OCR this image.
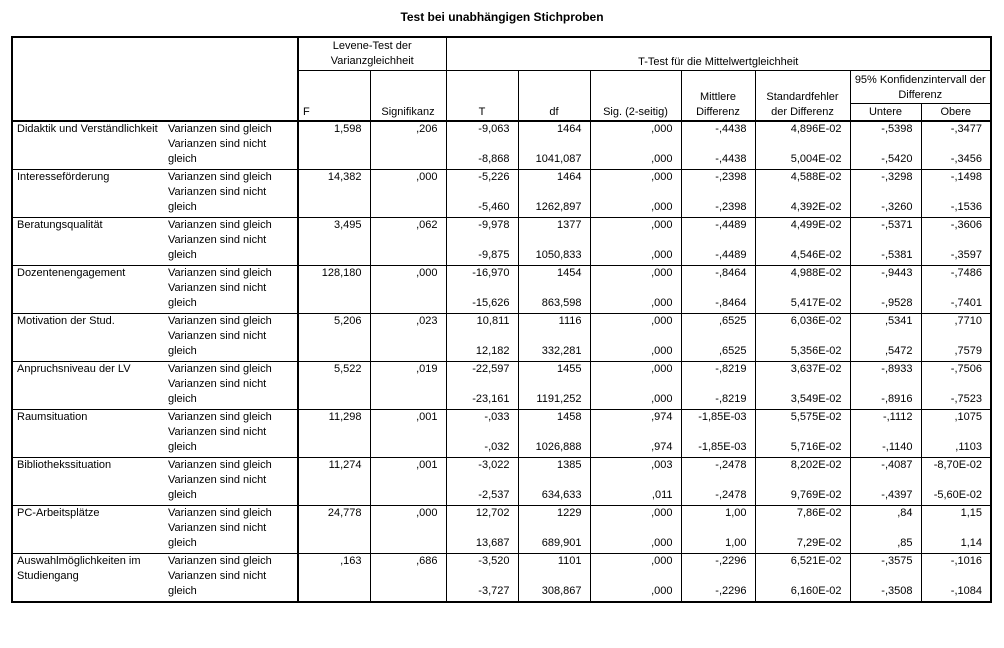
Test bei unabhängigen Stichproben
		Levene-Test der Varianzgleichheit		T-Test für die Mittelwertgleichheit						
		F	Signifikanz	T	df	Sig. (2-seitig)	Mittlere Differenz	Standardfehler der Differenz	95% Konfidenzintervall der Differenz	
									Untere	Obere
Didaktik und Verständlichkeit	Varianzen sind gleich	1,598	,206	-9,063	1464	,000	-,4438	4,896E-02	-,5398	-,3477
	Varianzen sind nicht gleich			-8,868	1041,087	,000	-,4438	5,004E-02	-,5420	-,3456
Interesseförderung	Varianzen sind gleich	14,382	,000	-5,226	1464	,000	-,2398	4,588E-02	-,3298	-,1498
	Varianzen sind nicht gleich			-5,460	1262,897	,000	-,2398	4,392E-02	-,3260	-,1536
Beratungsqualität	Varianzen sind gleich	3,495	,062	-9,978	1377	,000	-,4489	4,499E-02	-,5371	-,3606
	Varianzen sind nicht gleich			-9,875	1050,833	,000	-,4489	4,546E-02	-,5381	-,3597
Dozentenengagement	Varianzen sind gleich	128,180	,000	-16,970	1454	,000	-,8464	4,988E-02	-,9443	-,7486
	Varianzen sind nicht gleich			-15,626	863,598	,000	-,8464	5,417E-02	-,9528	-,7401
Motivation der Stud.	Varianzen sind gleich	5,206	,023	10,811	1116	,000	,6525	6,036E-02	,5341	,7710
	Varianzen sind nicht gleich			12,182	332,281	,000	,6525	5,356E-02	,5472	,7579
Anpruchsniveau der LV	Varianzen sind gleich	5,522	,019	-22,597	1455	,000	-,8219	3,637E-02	-,8933	-,7506
	Varianzen sind nicht gleich			-23,161	1191,252	,000	-,8219	3,549E-02	-,8916	-,7523
Raumsituation	Varianzen sind gleich	11,298	,001	-,033	1458	,974	-1,85E-03	5,575E-02	-,1112	,1075
	Varianzen sind nicht gleich			-,032	1026,888	,974	-1,85E-03	5,716E-02	-,1140	,1103
Bibliothekssituation	Varianzen sind gleich	11,274	,001	-3,022	1385	,003	-,2478	8,202E-02	-,4087	-8,70E-02
	Varianzen sind nicht gleich			-2,537	634,633	,011	-,2478	9,769E-02	-,4397	-5,60E-02
PC-Arbeitsplätze	Varianzen sind gleich	24,778	,000	12,702	1229	,000	1,00	7,86E-02	,84	1,15
	Varianzen sind nicht gleich			13,687	689,901	,000	1,00	7,29E-02	,85	1,14
Auswahlmöglichkeiten im Studiengang	Varianzen sind gleich	,163	,686	-3,520	1101	,000	-,2296	6,521E-02	-,3575	-,1016
	Varianzen sind nicht gleich			-3,727	308,867	,000	-,2296	6,160E-02	-,3508	-,1084
